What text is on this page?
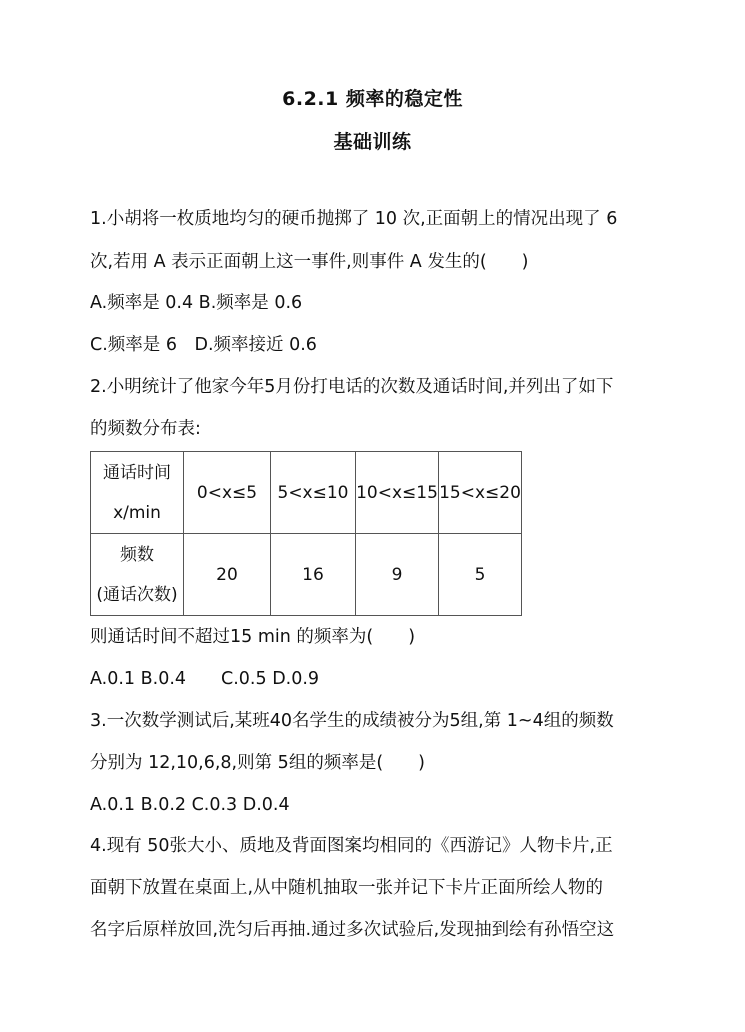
6.2.1 频率的稳定性
基础训练
1.小胡将一枚质地均匀的硬币抛掷了 10 次,正面朝上的情况出现了 6
次,若用 A 表示正面朝上这一事件,则事件 A 发生的(　　)
A.频率是 0.4 B.频率是 0.6
C.频率是 6　D.频率接近 0.6
2.小明统计了他家今年5月份打电话的次数及通话时间,并列出了如下
的频数分布表:
通话时间
x/min	0<x≤5	5<x≤10	10<x≤15	15<x≤20

频数
(通话次数)	20	16	9	5
则通话时间不超过15 min 的频率为(　　)
A.0.1 B.0.4　　C.0.5 D.0.9
3.一次数学测试后,某班40名学生的成绩被分为5组,第 1~4组的频数
分别为 12,10,6,8,则第 5组的频率是(　　)
A.0.1 B.0.2 C.0.3 D.0.4
4.现有 50张大小、质地及背面图案均相同的《西游记》人物卡片,正
面朝下放置在桌面上,从中随机抽取一张并记下卡片正面所绘人物的
名字后原样放回,洗匀后再抽.通过多次试验后,发现抽到绘有孙悟空这
